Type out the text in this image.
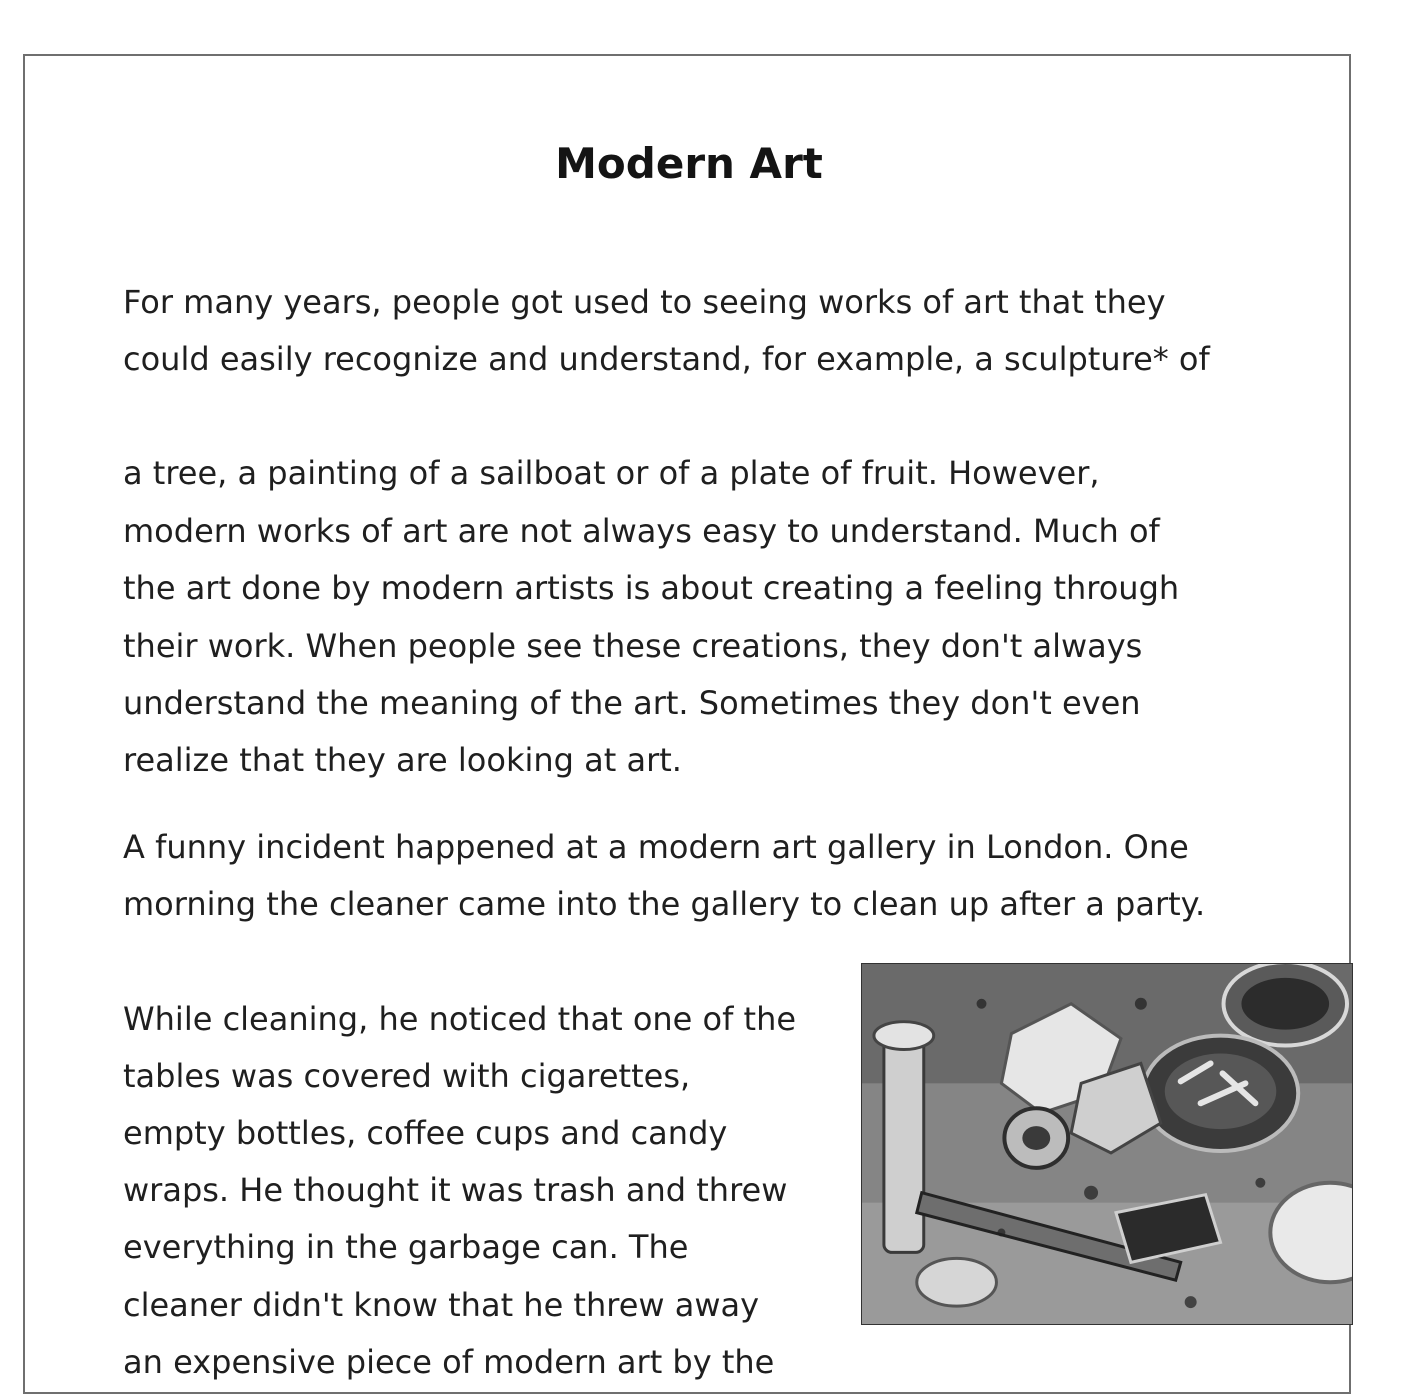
Modern Art
For many years, people got used to seeing works of art that they
could easily recognize and understand, for example, a sculpture* of
a tree, a painting of a sailboat or of a plate of fruit. However,
modern works of art are not always easy to understand. Much of
the art done by modern artists is about creating a feeling through
their work. When people see these creations, they don't always
understand the meaning of the art. Sometimes they don't even
realize that they are looking at art.
A funny incident happened at a modern art gallery in London. One
morning the cleaner came into the gallery to clean up after a party.
While cleaning, he noticed that one of the
tables was covered with cigarettes,
empty bottles, coffee cups and candy
wraps. He thought it was trash and threw
everything in the garbage can. The
cleaner didn't know that he threw away
an expensive piece of modern art by the
